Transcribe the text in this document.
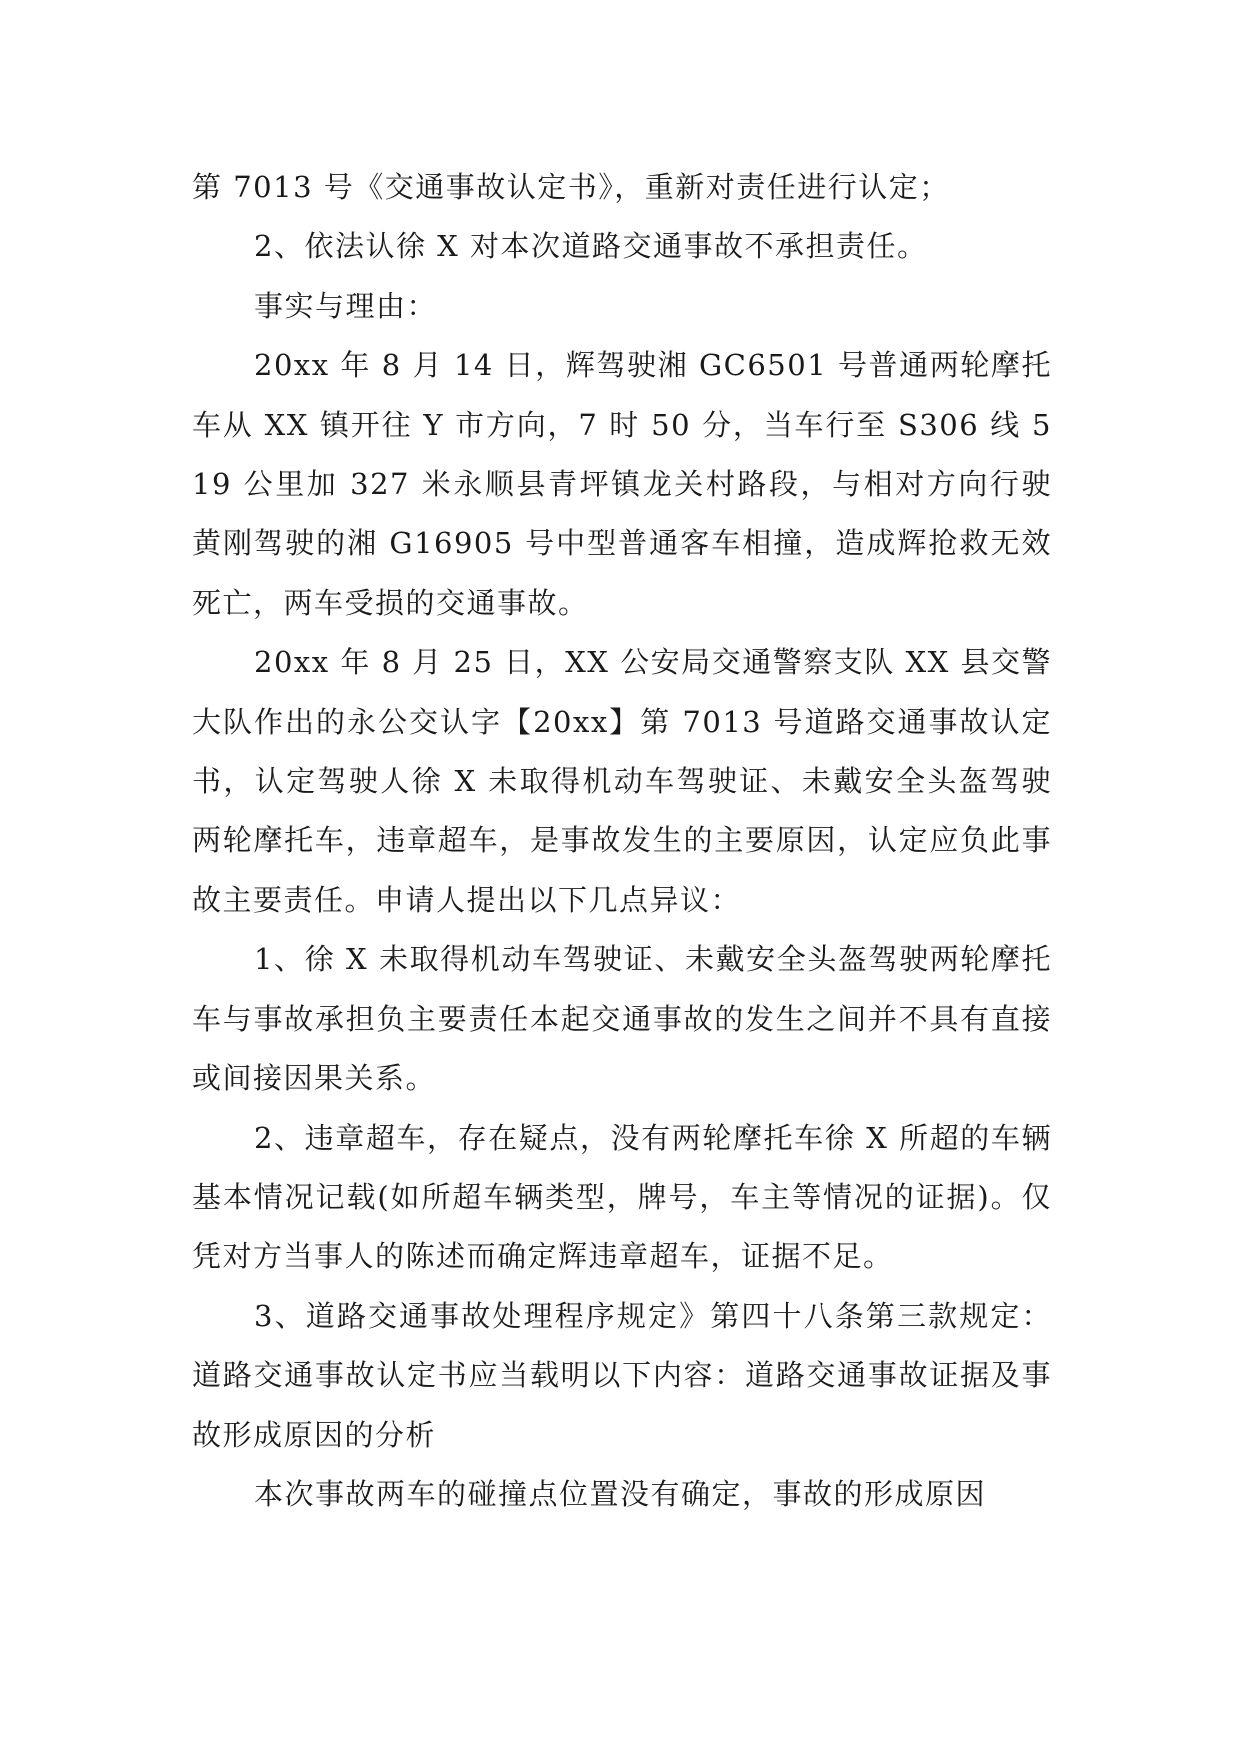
第 7013 号《交通事故认定书》，重新对责任进行认定；

2、依法认徐 X 对本次道路交通事故不承担责任。

事实与理由：

20xx 年 8 月 14 日，辉驾驶湘 GC6501 号普通两轮摩托车从 XX 镇开往 Y 市方向，7 时 50 分，当车行至 S306 线 519 公里加 327 米永顺县青坪镇龙关村路段，与相对方向行驶黄刚驾驶的湘 G16905 号中型普通客车相撞，造成辉抢救无效死亡，两车受损的交通事故。

20xx 年 8 月 25 日，XX 公安局交通警察支队 XX 县交警大队作出的永公交认字【20xx】第 7013 号道路交通事故认定书，认定驾驶人徐 X 未取得机动车驾驶证、未戴安全头盔驾驶两轮摩托车，违章超车，是事故发生的主要原因，认定应负此事故主要责任。申请人提出以下几点异议：

1、徐 X 未取得机动车驾驶证、未戴安全头盔驾驶两轮摩托车与事故承担负主要责任本起交通事故的发生之间并不具有直接或间接因果关系。

2、违章超车，存在疑点，没有两轮摩托车徐 X 所超的车辆基本情况记载(如所超车辆类型，牌号，车主等情况的证据)。仅凭对方当事人的陈述而确定辉违章超车，证据不足。

3、道路交通事故处理程序规定》第四十八条第三款规定：道路交通事故认定书应当载明以下内容：道路交通事故证据及事故形成原因的分析

本次事故两车的碰撞点位置没有确定，事故的形成原因
